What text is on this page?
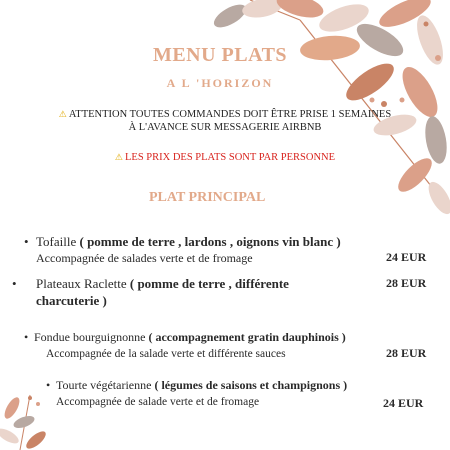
MENU PLATS
A L 'HORIZON
⚠ ATTENTION TOUTES COMMANDES DOIT ÊTRE PRISE 1 SEMAINES
À L'AVANCE SUR MESSAGERIE AIRBNB
⚠ LES PRIX DES PLATS SONT PAR PERSONNE
PLAT PRINCIPAL
• Tofaille ( pomme de terre , lardons , oignons vin blanc )
Accompagnée de salades verte et de fromage	24 EUR
• Plateaux Raclette ( pomme de terre , différente charcuterie )
28 EUR
• Fondue bourguignonne ( accompagnement gratin dauphinois )
Accompagnée de la salade verte et différente sauces	28 EUR
• Tourte végétarienne ( légumes de saisons et champignons )
Accompagnée de salade verte et de fromage	24 EUR
